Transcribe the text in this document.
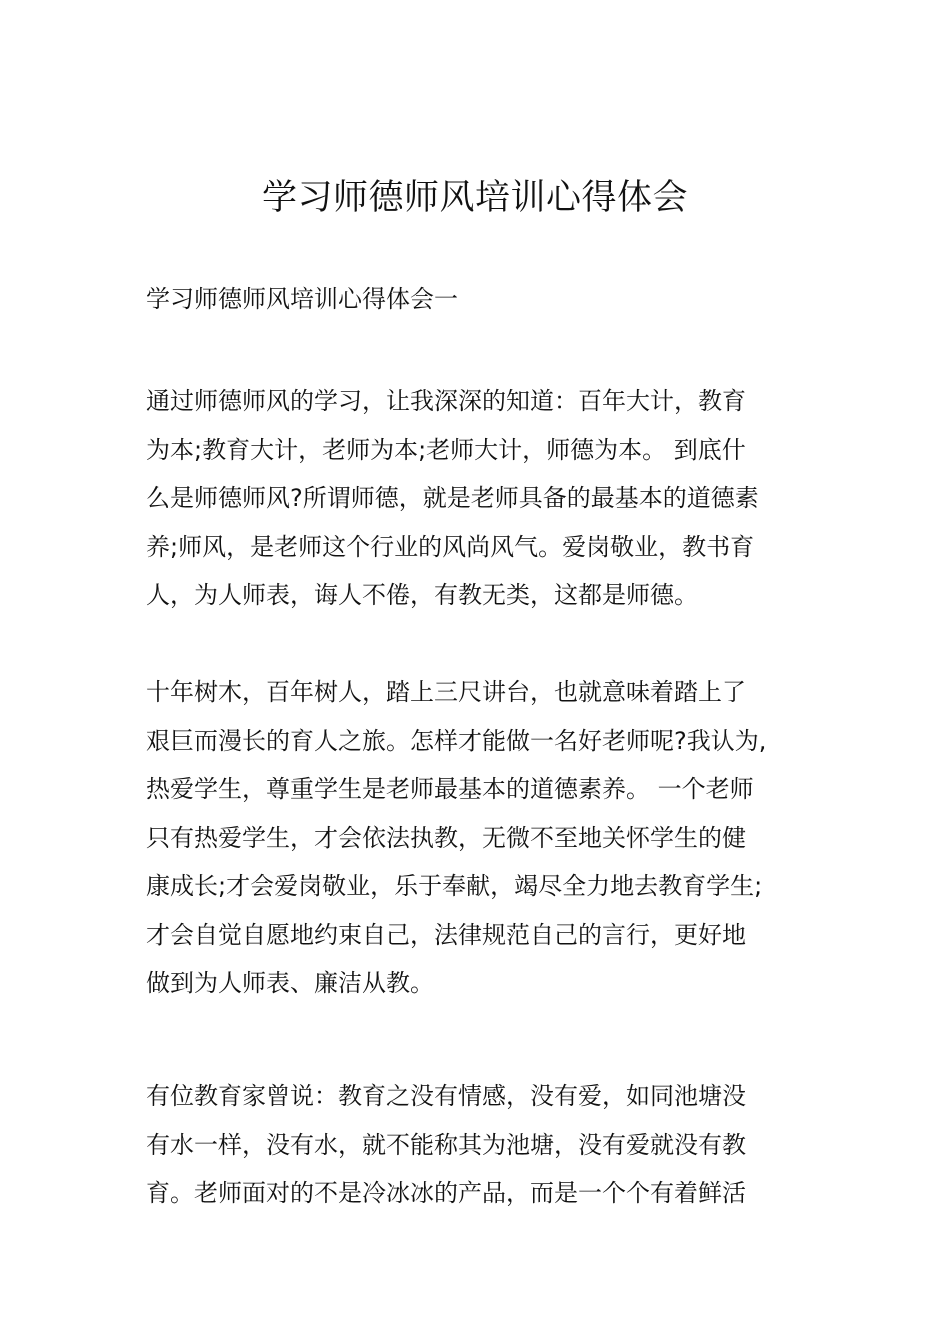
学习师德师风培训心得体会

学习师德师风培训心得体会一

通过师德师风的学习，让我深深的知道：百年大计，教育
为本;教育大计，老师为本;老师大计，师德为本。 到底什
么是师德师风?所谓师德，就是老师具备的最基本的道德素
养;师风，是老师这个行业的风尚风气。爱岗敬业，教书育
人，为人师表，诲人不倦，有教无类，这都是师德。
十年树木，百年树人，踏上三尺讲台，也就意味着踏上了
艰巨而漫长的育人之旅。怎样才能做一名好老师呢?我认为,
热爱学生，尊重学生是老师最基本的道德素养。 一个老师
只有热爱学生，才会依法执教，无微不至地关怀学生的健
康成长;才会爱岗敬业，乐于奉献，竭尽全力地去教育学生;
才会自觉自愿地约束自己，法律规范自己的言行，更好地
做到为人师表、廉洁从教。
有位教育家曾说：教育之没有情感，没有爱，如同池塘没
有水一样，没有水，就不能称其为池塘，没有爱就没有教
育。老师面对的不是冷冰冰的产品，而是一个个有着鲜活
